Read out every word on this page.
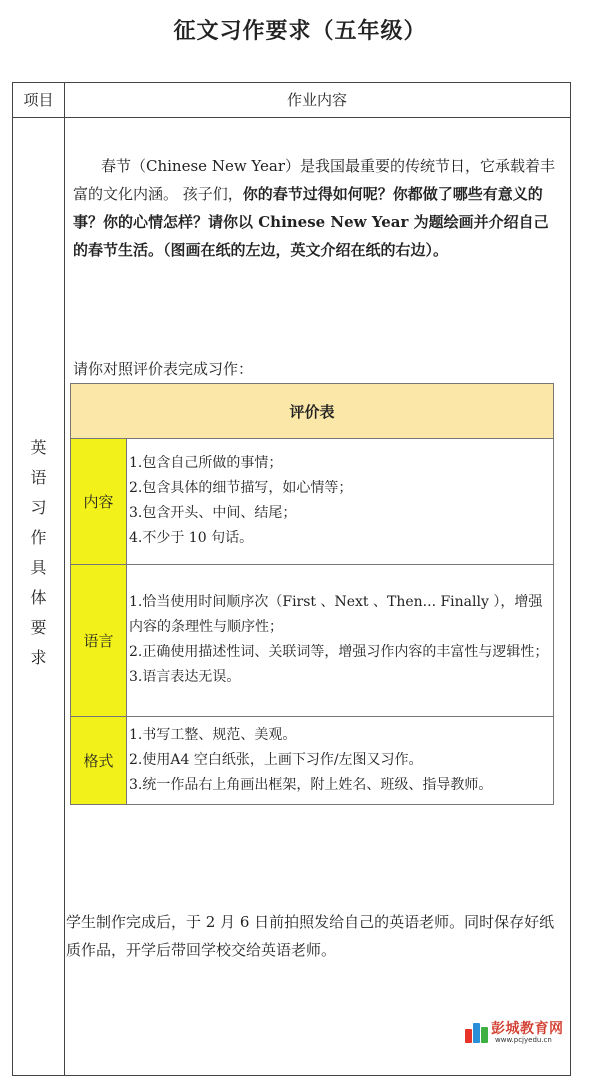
征文习作要求（五年级）
项目	作业内容
英
语
习
作
具
体
要
求

春节（Chinese New Year）是我国最重要的传统节日，它承载着丰富的文化内涵。 孩子们，你的春节过得如何呢？你都做了哪些有意义的事？你的心情怎样？请你以 Chinese New Year 为题绘画并介绍自己的春节生活。（图画在纸的左边，英文介绍在纸的右边）。

请你对照评价表完成习作：
评价表	
内容	1.包含自己所做的事情；
2.包含具体的细节描写，如心情等；
3.包含开头、中间、结尾；
4.不少于 10 句话。

语言	1.恰当使用时间顺序次（First 、Next 、Then... Finally ），增强内容的条理性与顺序性；
2.正确使用描述性词、关联词等，增强习作内容的丰富性与逻辑性；
3.语言表达无误。

格式	1.书写工整、规范、美观。
2.使用A4 空白纸张，上画下习作/左图又习作。
3.统一作品右上角画出框架，附上姓名、班级、指导教师。

学生制作完成后，于 2 月 6 日前拍照发给自己的英语老师。同时保存好纸质作品，开学后带回学校交给英语老师。

彭城教育网
www.pcjyedu.cn
